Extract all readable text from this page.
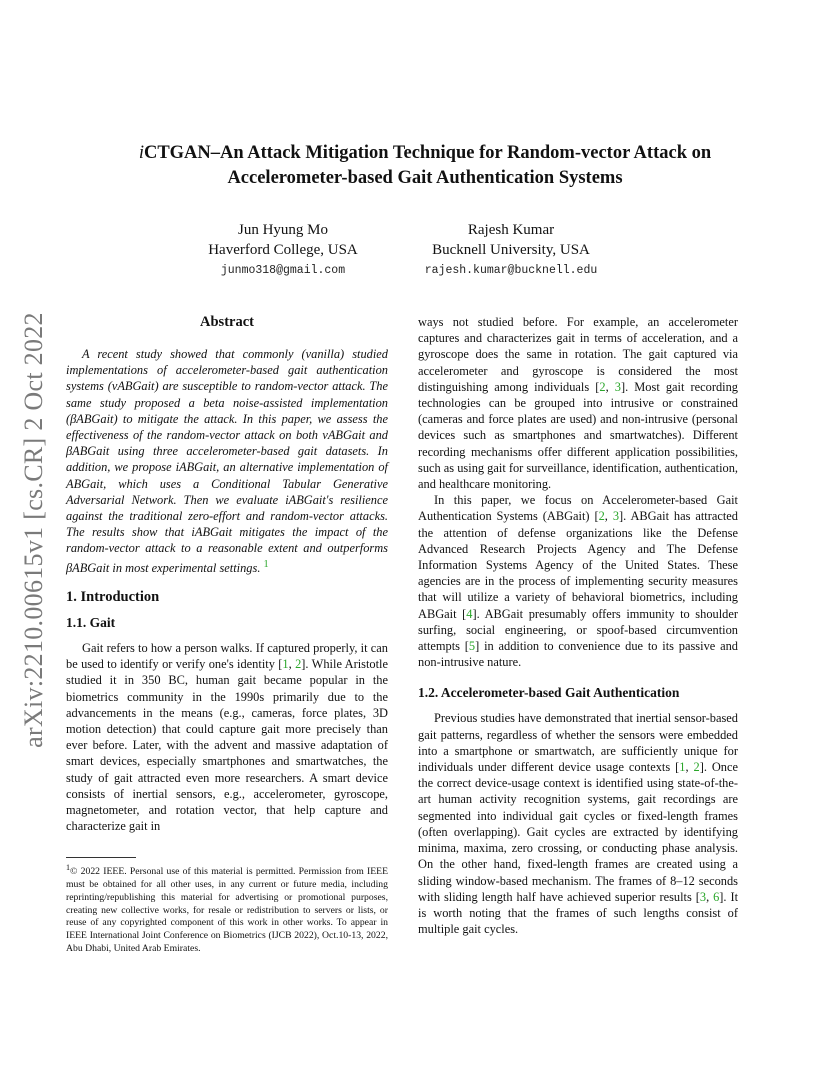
arXiv:2210.00615v1 [cs.CR] 2 Oct 2022
iCTGAN–An Attack Mitigation Technique for Random-vector Attack on
Accelerometer-based Gait Authentication Systems
Jun Hyung Mo
Haverford College, USA
junmo318@gmail.com
Rajesh Kumar
Bucknell University, USA
rajesh.kumar@bucknell.edu
Abstract

A recent study showed that commonly (vanilla) studied implementations of accelerometer-based gait authentication systems (vABGait) are susceptible to random-vector attack. The same study proposed a beta noise-assisted implementation (βABGait) to mitigate the attack. In this paper, we assess the effectiveness of the random-vector attack on both vABGait and βABGait using three accelerometer-based gait datasets. In addition, we propose iABGait, an alternative implementation of ABGait, which uses a Conditional Tabular Generative Adversarial Network. Then we evaluate iABGait's resilience against the traditional zero-effort and random-vector attacks. The results show that iABGait mitigates the impact of the random-vector attack to a reasonable extent and outperforms βABGait in most experimental settings. $^1$

1. Introduction
1.1. Gait

Gait refers to how a person walks. If captured properly, it can be used to identify or verify one's identity [1, 2]. While Aristotle studied it in 350 BC, human gait became popular in the biometrics community in the 1990s primarily due to the advancements in the means (e.g., cameras, force plates, 3D motion detection) that could capture gait more precisely than ever before. Later, with the advent and massive adaptation of smart devices, especially smartphones and smartwatches, the study of gait attracted even more researchers. A smart device consists of inertial sensors, e.g., accelerometer, gyroscope, magnetometer, and rotation vector, that help capture and characterize gait in

ways not studied before. For example, an accelerometer captures and characterizes gait in terms of acceleration, and a gyroscope does the same in rotation. The gait captured via accelerometer and gyroscope is considered the most distinguishing among individuals [2, 3]. Most gait recording technologies can be grouped into intrusive or constrained (cameras and force plates are used) and non-intrusive (personal devices such as smartphones and smartwatches). Different recording mechanisms offer different application possibilities, such as using gait for surveillance, identification, authentication, and healthcare monitoring.

In this paper, we focus on Accelerometer-based Gait Authentication Systems (ABGait) [2, 3]. ABGait has attracted the attention of defense organizations like the Defense Advanced Research Projects Agency and The Defense Information Systems Agency of the United States. These agencies are in the process of implementing security measures that will utilize a variety of behavioral biometrics, including ABGait [4]. ABGait presumably offers immunity to shoulder surfing, social engineering, or spoof-based circumvention attempts [5] in addition to convenience due to its passive and non-intrusive nature.

1.2. Accelerometer-based Gait Authentication

Previous studies have demonstrated that inertial sensor-based gait patterns, regardless of whether the sensors were embedded into a smartphone or smartwatch, are sufficiently unique for individuals under different device usage contexts [1, 2]. Once the correct device-usage context is identified using state-of-the-art human activity recognition systems, gait recordings are segmented into individual gait cycles or fixed-length frames (often overlapping). Gait cycles are extracted by identifying minima, maxima, zero crossing, or conducting phase analysis. On the other hand, fixed-length frames are created using a sliding window-based mechanism. The frames of 8–12 seconds with sliding length half have achieved superior results [3, 6]. It is worth noting that the frames of such lengths consist of multiple gait cycles.

$^1$© 2022 IEEE. Personal use of this material is permitted. Permission from IEEE must be obtained for all other uses, in any current or future media, including reprinting/republishing this material for advertising or promotional purposes, creating new collective works, for resale or redistribution to servers or lists, or reuse of any copyrighted component of this work in other works. To appear in IEEE International Joint Conference on Biometrics (IJCB 2022), Oct.10-13, 2022, Abu Dhabi, United Arab Emirates.
